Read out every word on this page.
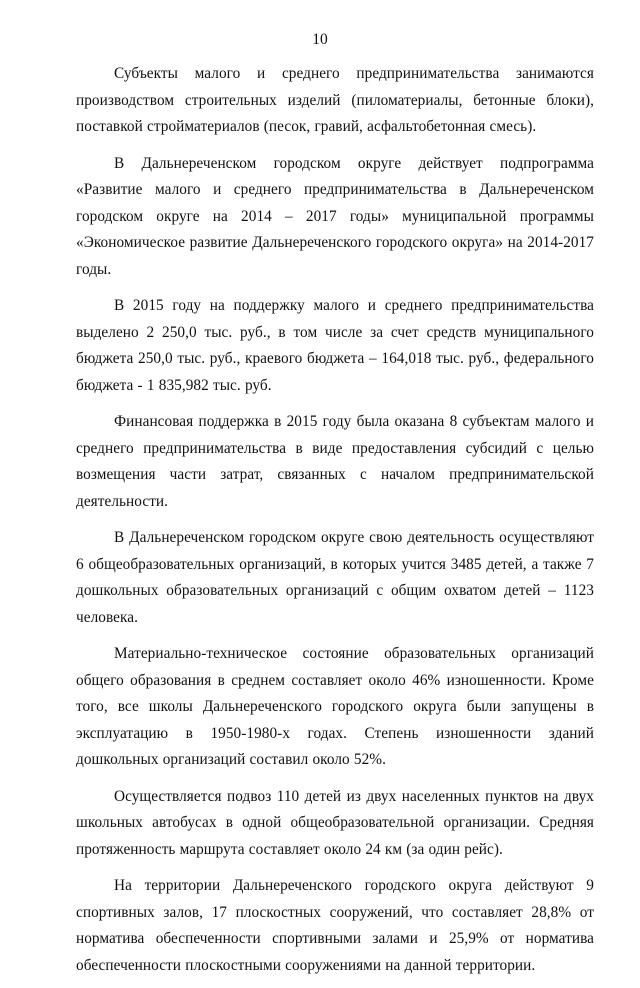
10

Субъекты малого и среднего предпринимательства занимаются производством строительных изделий (пиломатериалы, бетонные блоки), поставкой стройматериалов (песок, гравий, асфальтобетонная смесь).

В Дальнереченском городском округе действует подпрограмма «Развитие малого и среднего предпринимательства в Дальнереченском городском округе на 2014 – 2017 годы» муниципальной программы «Экономическое развитие Дальнереченского городского округа» на 2014-2017 годы.

В 2015 году на поддержку малого и среднего предпринимательства выделено 2 250,0 тыс. руб., в том числе за счет средств муниципального бюджета 250,0 тыс. руб., краевого бюджета – 164,018 тыс. руб., федерального бюджета - 1 835,982 тыс. руб.

Финансовая поддержка в 2015 году была оказана 8 субъектам малого и среднего предпринимательства в виде предоставления субсидий с целью возмещения части затрат, связанных с началом предпринимательской деятельности.

В Дальнереченском городском округе свою деятельность осуществляют 6 общеобразовательных организаций, в которых учится 3485 детей, а также 7 дошкольных образовательных организаций с общим охватом детей – 1123 человека.

Материально-техническое состояние образовательных организаций общего образования в среднем составляет около 46% изношенности. Кроме того, все школы Дальнереченского городского округа были запущены в эксплуатацию в 1950-1980-х годах. Степень изношенности зданий дошкольных организаций составил около 52%.

Осуществляется подвоз 110 детей из двух населенных пунктов на двух школьных автобусах в одной общеобразовательной организации. Средняя протяженность маршрута составляет около 24 км (за один рейс).

На территории Дальнереченского городского округа действуют 9 спортивных залов, 17 плоскостных сооружений, что составляет 28,8% от норматива обеспеченности спортивными залами и 25,9% от норматива обеспеченности плоскостными сооружениями на данной территории.
